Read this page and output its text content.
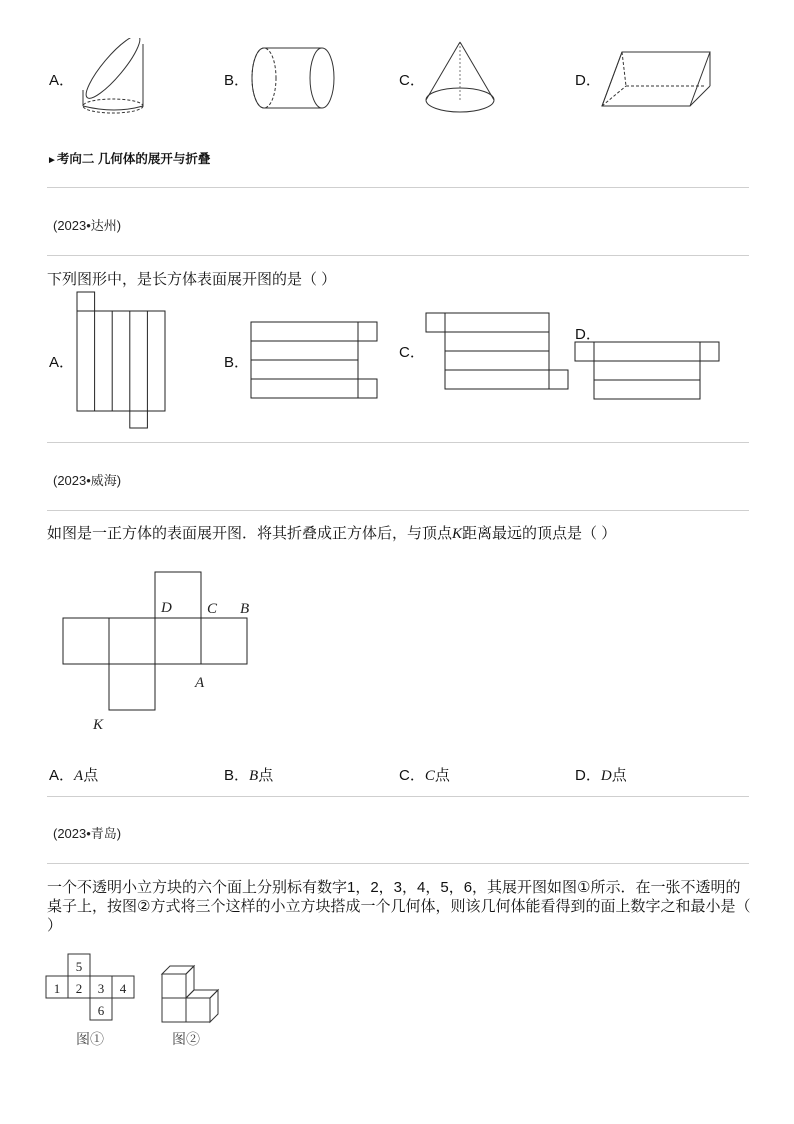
A．	B．	C．	D．
►考向二 几何体的展开与折叠
(2023•达州)
下列图形中，是长方体表面展开图的是（ ）
A．	B．
C．
D．
(2023•威海)
如图是一正方体的表面展开图．将其折叠成正方体后，与顶点K距离最远的顶点是（ ）
D C B
A
K
A．A点	B．B点	C．C点	D．D点
(2023•青岛)
一个不透明小立方块的六个面上分别标有数字1，2，3，4，5，6，其展开图如图①所示．在一张不透明的桌子上，按图②方式将三个这样的小立方块搭成一个几何体，则该几何体能看得到的面上数字之和最小是（ ）
5
1 2 3 4
6
图①	图②
